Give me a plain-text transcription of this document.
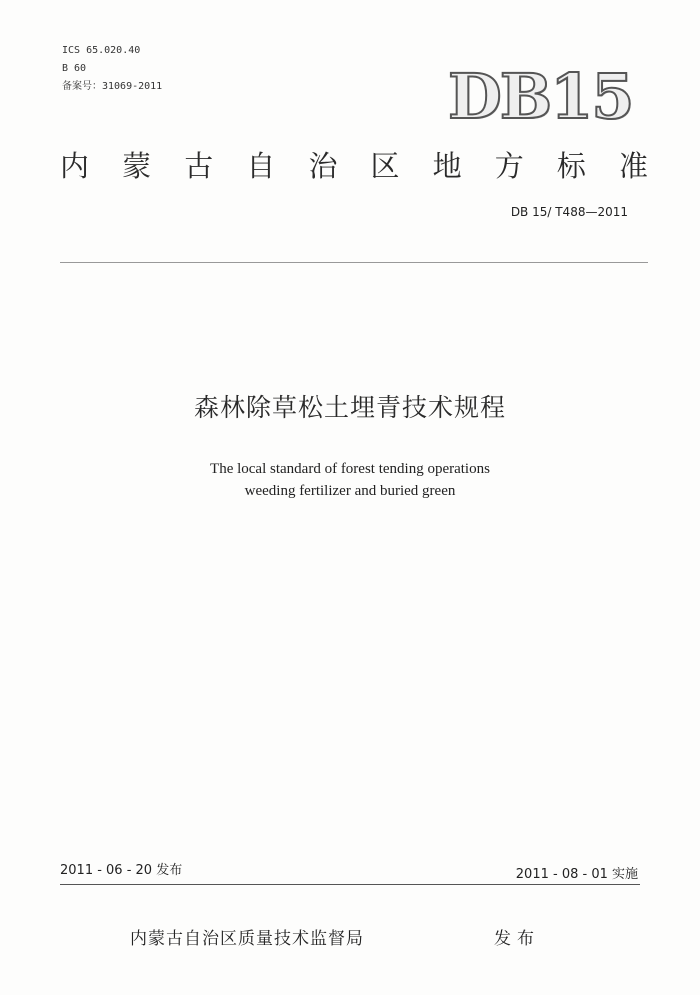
ICS 65.020.40
B 60
备案号：31069-2011	DB15
内 蒙 古 自 治 区 地 方 标 准
DB 15/ T488—2011
森林除草松土埋青技术规程
The local standard of forest tending operations
weeding fertilizer and buried green
2011 - 06 - 20 发布	2011 - 08 - 01 实施
内蒙古自治区质量技术监督局	发布
